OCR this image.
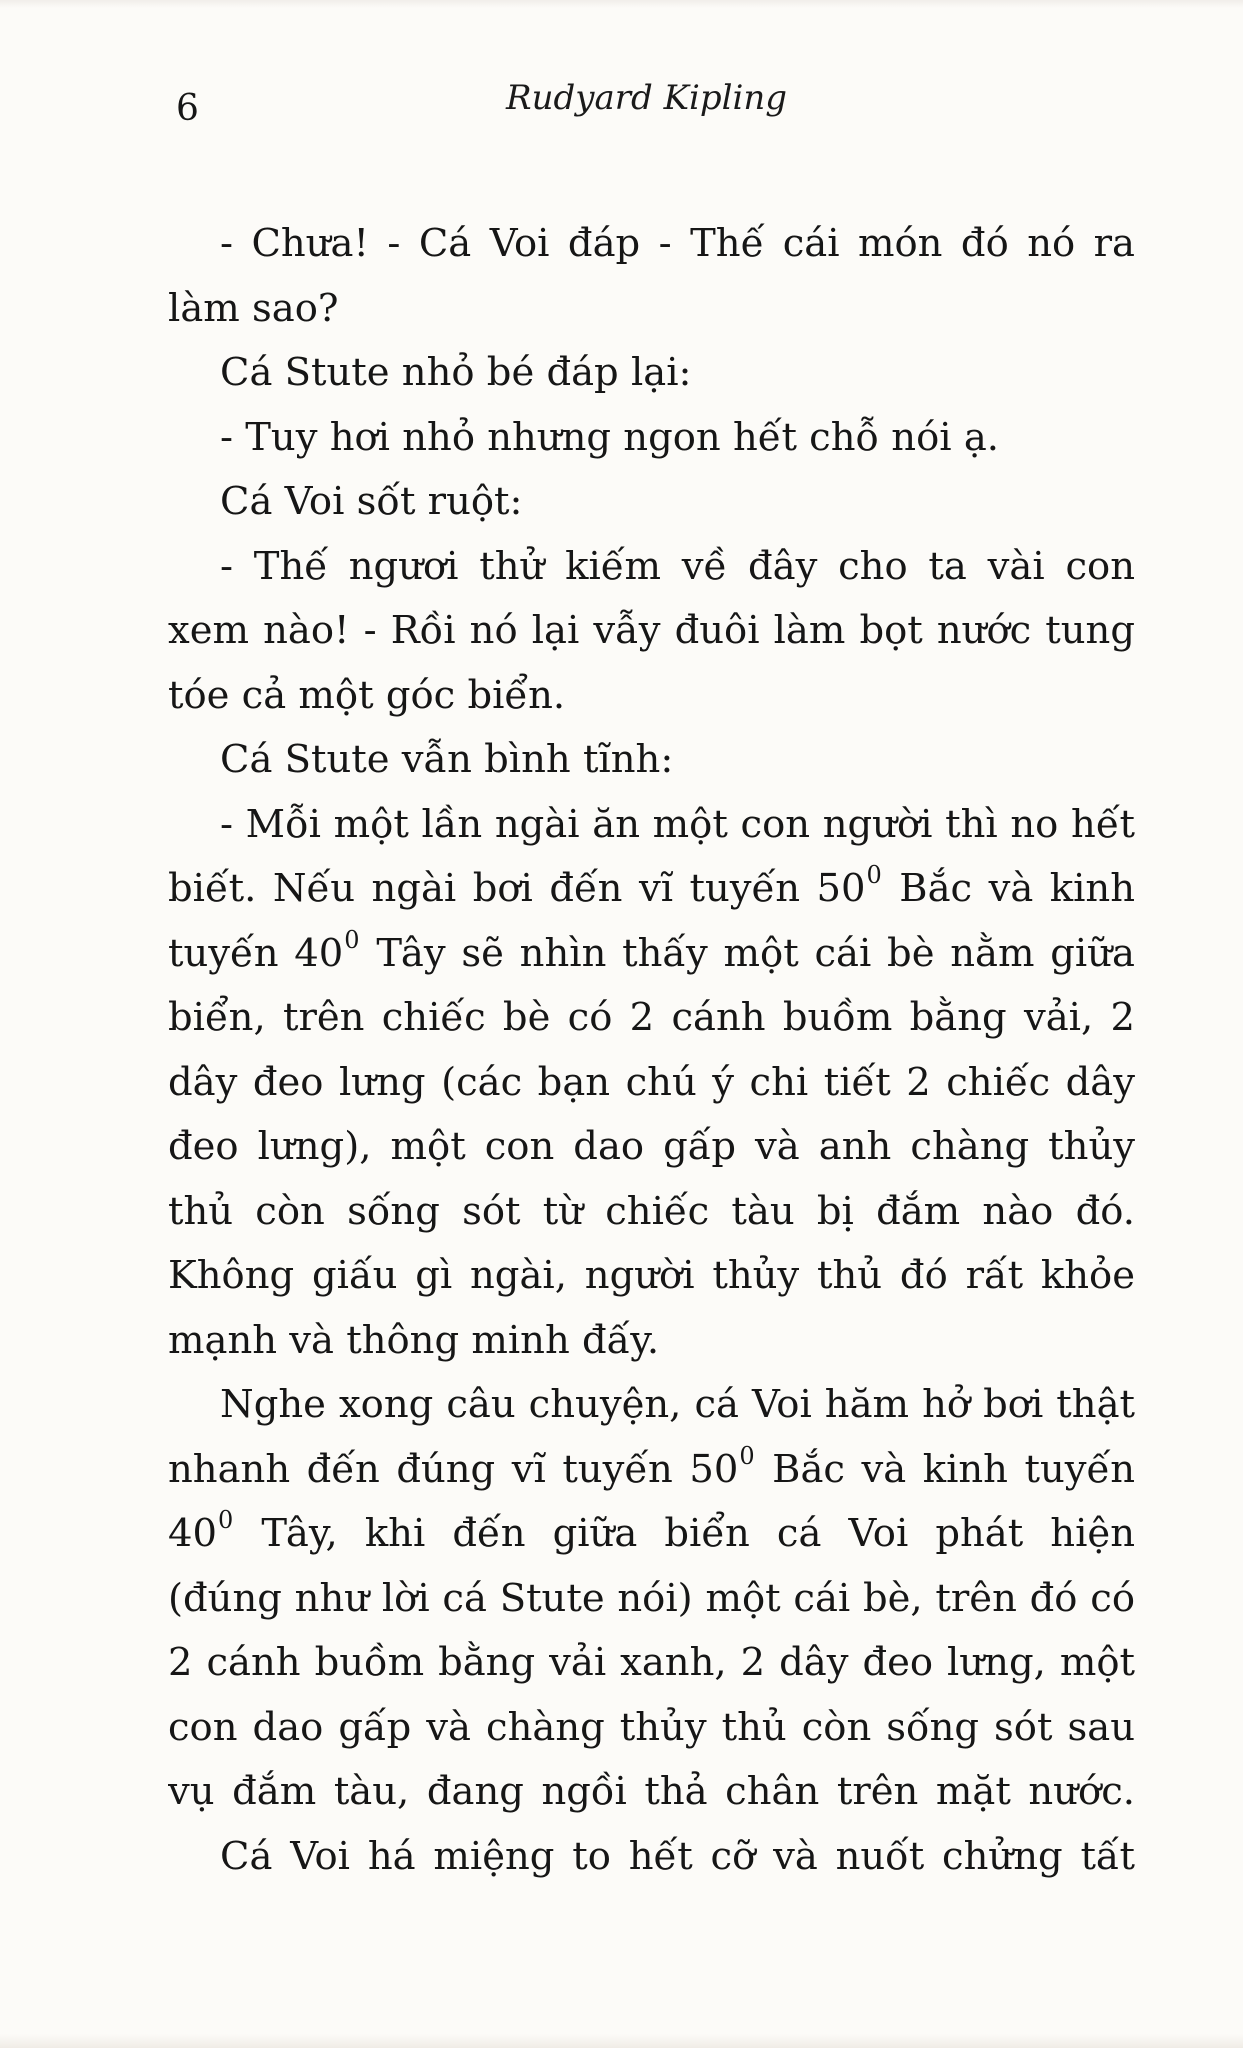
6	Rudyard Kipling
- Chưa! - Cá Voi đáp - Thế cái món đó nó ra
làm sao?
Cá Stute nhỏ bé đáp lại:
- Tuy hơi nhỏ nhưng ngon hết chỗ nói ạ.
Cá Voi sốt ruột:
- Thế ngươi thử kiếm về đây cho ta vài con
xem nào! - Rồi nó lại vẫy đuôi làm bọt nước tung
tóe cả một góc biển.
Cá Stute vẫn bình tĩnh:
- Mỗi một lần ngài ăn một con người thì no hết
biết. Nếu ngài bơi đến vĩ tuyến $50^0$ Bắc và kinh
tuyến $40^0$ Tây sẽ nhìn thấy một cái bè nằm giữa
biển, trên chiếc bè có 2 cánh buồm bằng vải, 2
dây đeo lưng (các bạn chú ý chi tiết 2 chiếc dây
đeo lưng), một con dao gấp và anh chàng thủy
thủ còn sống sót từ chiếc tàu bị đắm nào đó.
Không giấu gì ngài, người thủy thủ đó rất khỏe
mạnh và thông minh đấy.
Nghe xong câu chuyện, cá Voi hăm hở bơi thật
nhanh đến đúng vĩ tuyến $50^0$ Bắc và kinh tuyến
$40^0$ Tây, khi đến giữa biển cá Voi phát hiện
(đúng như lời cá Stute nói) một cái bè, trên đó có
2 cánh buồm bằng vải xanh, 2 dây đeo lưng, một
con dao gấp và chàng thủy thủ còn sống sót sau
vụ đắm tàu, đang ngồi thả chân trên mặt nước.
Cá Voi há miệng to hết cỡ và nuốt chửng tất
